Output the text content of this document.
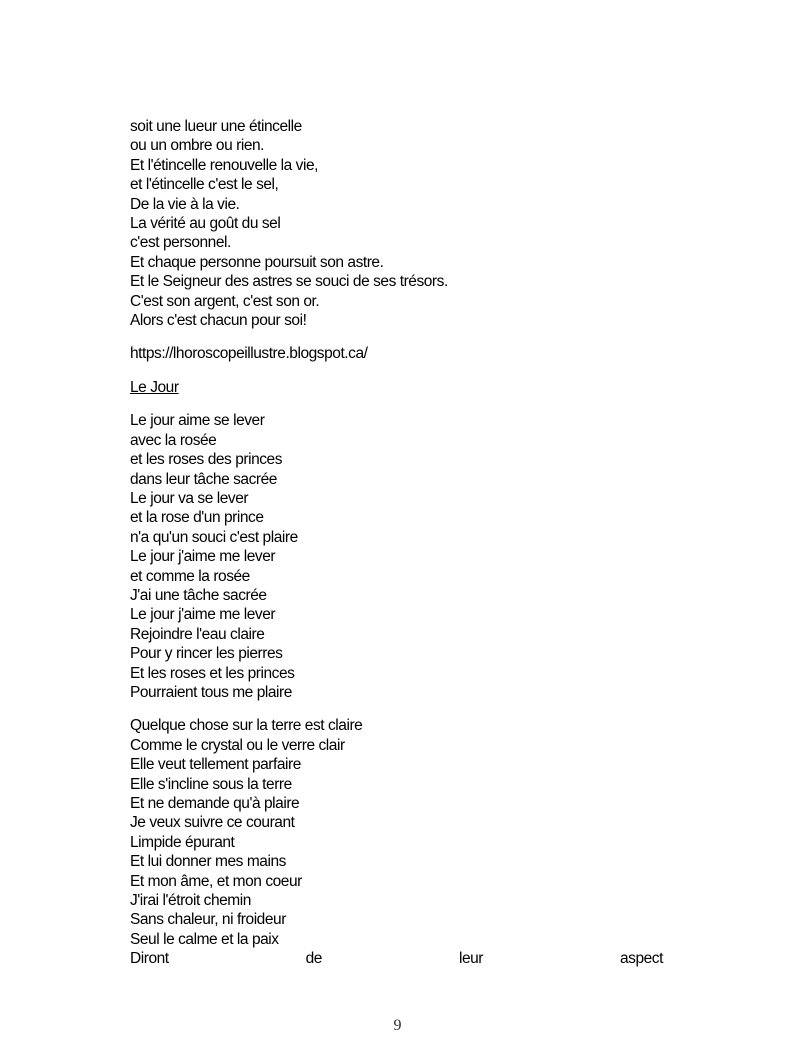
soit une lueur une étincelle
ou un ombre ou rien.
Et l'étincelle renouvelle la vie,
et l'étincelle c'est le sel,
De la vie à la vie.
La vérité au goût du sel
c'est personnel.
Et chaque personne poursuit son astre.
Et le Seigneur des astres se souci de ses trésors.
C'est son argent, c'est son or.
Alors c'est chacun pour soi!
https://lhoroscopeillustre.blogspot.ca/
Le Jour
Le jour aime se lever
avec la rosée
et les roses des princes
dans leur tâche sacrée
Le jour va se lever
et la rose d'un prince
n'a qu'un souci c'est plaire
Le jour j'aime me lever
et comme la rosée
J'ai une tâche sacrée
Le jour j'aime me lever
Rejoindre l'eau claire
Pour y rincer les pierres
Et les roses et les princes
Pourraient tous me plaire
Quelque chose sur la terre est claire
Comme le crystal ou le verre clair
Elle veut tellement parfaire
Elle s'incline sous la terre
Et ne demande qu'à plaire
Je veux suivre ce courant
Limpide épurant
Et lui donner mes mains
Et mon âme, et mon coeur
J'irai l'étroit chemin
Sans chaleur, ni froideur
Seul le calme et la paix
Diront	de	leur	aspect
9
